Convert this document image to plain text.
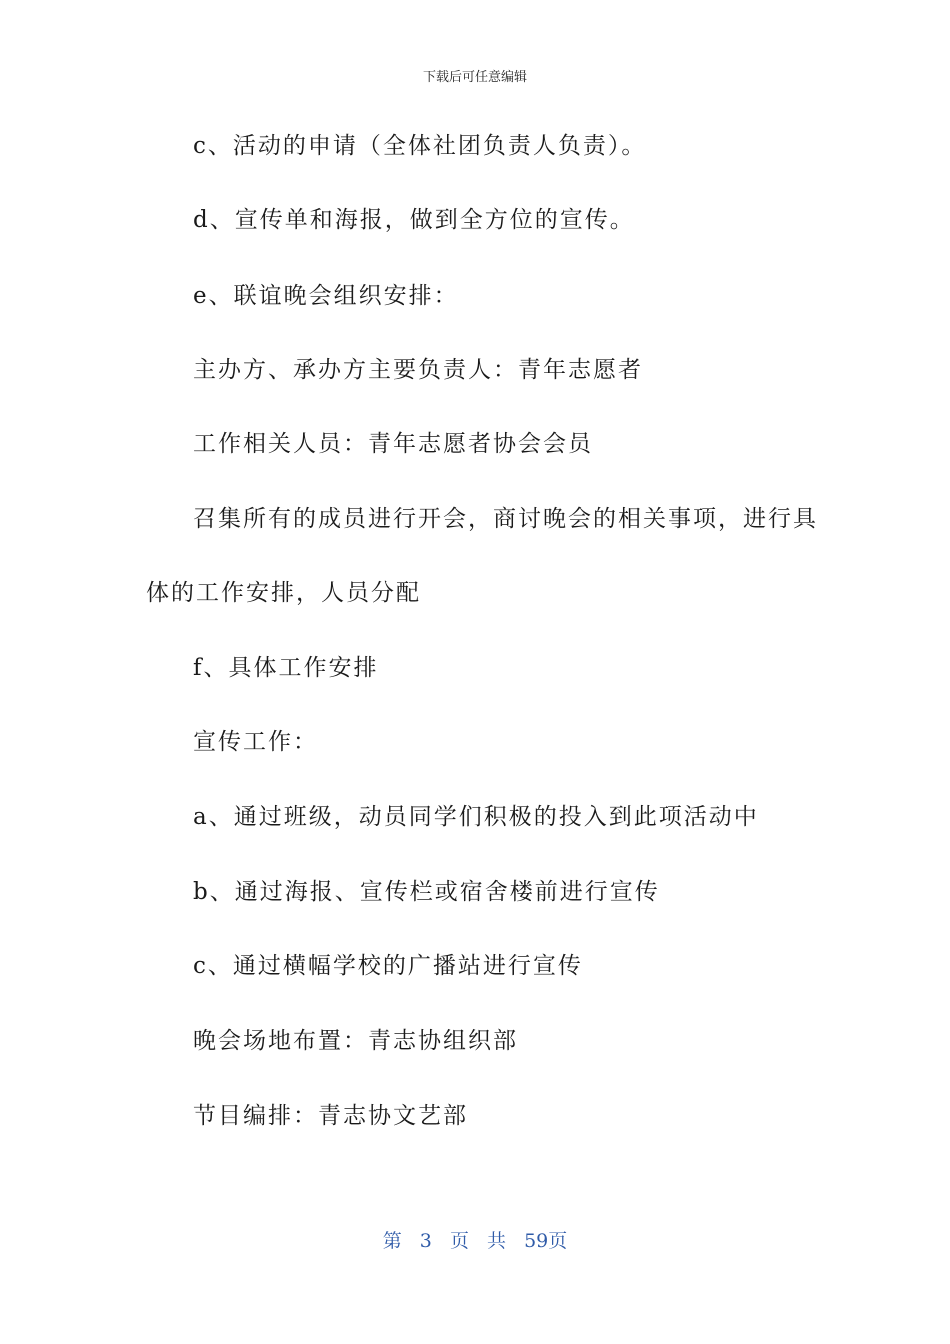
下载后可任意编辑
c、活动的申请（全体社团负责人负责）。
d、宣传单和海报，做到全方位的宣传。
e、联谊晚会组织安排：
主办方、承办方主要负责人：青年志愿者
工作相关人员：青年志愿者协会会员
召集所有的成员进行开会，商讨晚会的相关事项，进行具
体的工作安排，人员分配
f、具体工作安排
宣传工作：
a、通过班级，动员同学们积极的投入到此项活动中
b、通过海报、宣传栏或宿舍楼前进行宣传
c、通过横幅学校的广播站进行宣传
晚会场地布置：青志协组织部
节目编排：青志协文艺部
第 3 页 共 59页
